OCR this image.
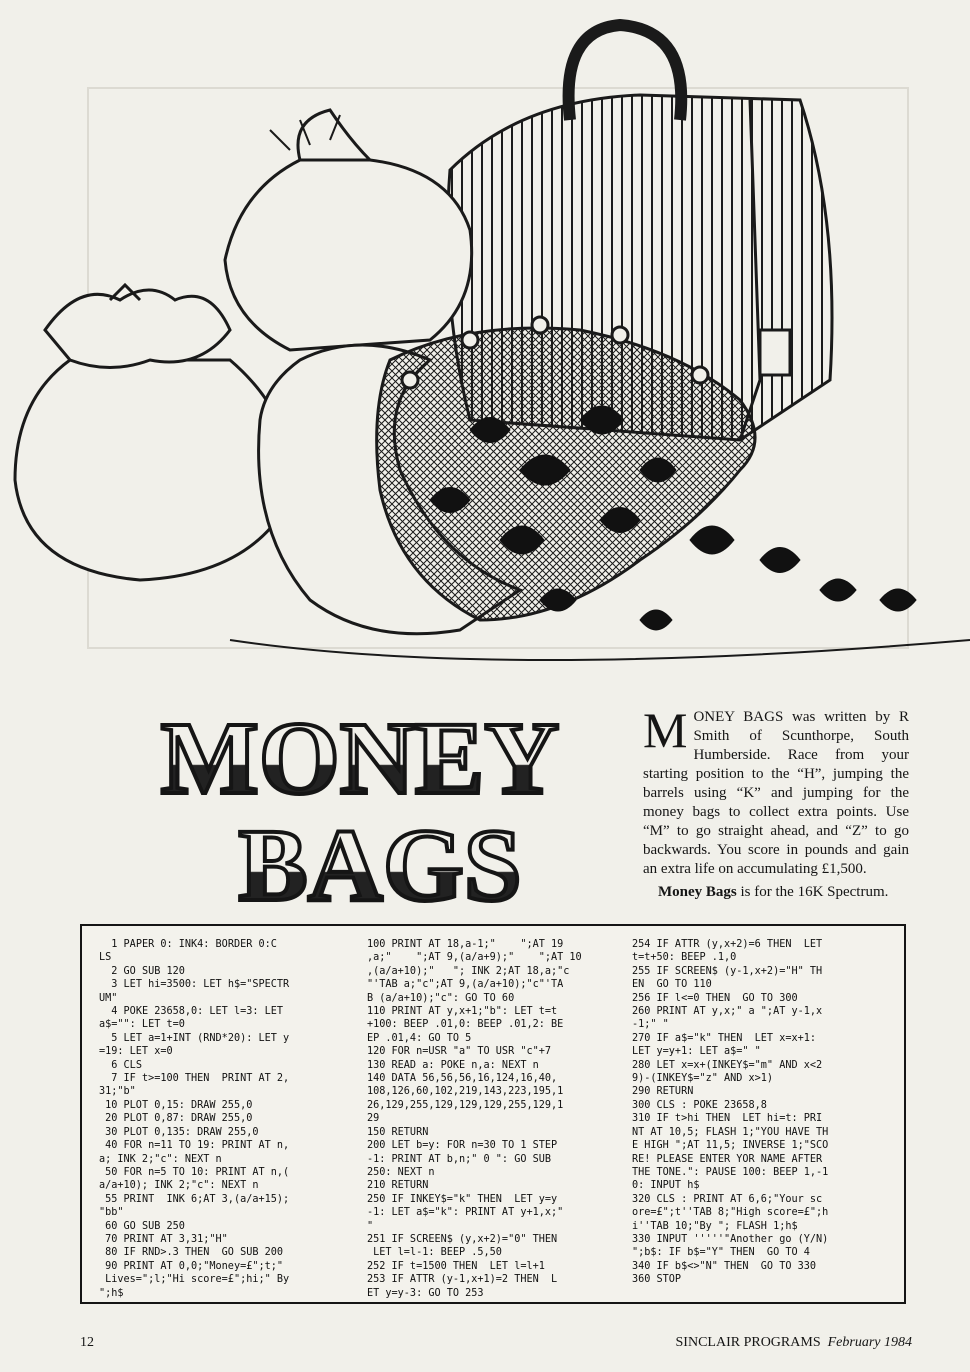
MONEY
BAGS

MONEY BAGS was written by R Smith of Scunthorpe, South Humberside. Race from your starting position to the “H”, jumping the barrels using “K” and jumping for the money bags to collect extra points. Use “M” to go straight ahead, and “Z” to go backwards. You score in pounds and gain an extra life on accumulating £1,500.

Money Bags is for the 16K Spectrum.

1 PAPER 0: INK4: BORDER 0:C
LS
2 GO SUB 120
3 LET hi=3500: LET h$="SPECTR
UM"
4 POKE 23658,0: LET l=3: LET
a$="": LET t=0
5 LET a=1+INT (RND*20): LET y
=19: LET x=0
6 CLS
7 IF t>=100 THEN  PRINT AT 2,
31;"b"
10 PLOT 0,15: DRAW 255,0
20 PLOT 0,87: DRAW 255,0
30 PLOT 0,135: DRAW 255,0
40 FOR n=11 TO 19: PRINT AT n,
a; INK 2;"c": NEXT n
50 FOR n=5 TO 10: PRINT AT n,(
a/a+10); INK 2;"c": NEXT n
55 PRINT  INK 6;AT 3,(a/a+15);
"bb"
60 GO SUB 250
70 PRINT AT 3,31;"H"
80 IF RND>.3 THEN  GO SUB 200
90 PRINT AT 0,0;"Money=£";t;"
Lives=";l;"Hi score=£";hi;" By
";h$
100 PRINT AT 18,a-1;"    ";AT 19
,a;"    ";AT 9,(a/a+9);"    ";AT 10
,(a/a+10);"   "; INK 2;AT 18,a;"c
"'TAB a;"c";AT 9,(a/a+10);"c"'TA
B (a/a+10);"c": GO TO 60
110 PRINT AT y,x+1;"b": LET t=t
+100: BEEP .01,0: BEEP .01,2: BE
EP .01,4: GO TO 5
120 FOR n=USR "a" TO USR "c"+7
130 READ a: POKE n,a: NEXT n
140 DATA 56,56,56,16,124,16,40,
108,126,60,102,219,143,223,195,1
26,129,255,129,129,129,255,129,1
29
150 RETURN
200 LET b=y: FOR n=30 TO 1 STEP
-1: PRINT AT b,n;" 0 ": GO SUB
250: NEXT n
210 RETURN
250 IF INKEY$="k" THEN  LET y=y
-1: LET a$="k": PRINT AT y+1,x;"
"
251 IF SCREEN$ (y,x+2)="0" THEN
LET l=l-1: BEEP .5,50
252 IF t=1500 THEN  LET l=l+1
253 IF ATTR (y-1,x+1)=2 THEN  L
ET y=y-3: GO TO 253
254 IF ATTR (y,x+2)=6 THEN  LET
t=t+50: BEEP .1,0
255 IF SCREEN$ (y-1,x+2)="H" TH
EN  GO TO 110
256 IF l<=0 THEN  GO TO 300
260 PRINT AT y,x;" a ";AT y-1,x
-1;" "
270 IF a$="k" THEN  LET x=x+1:
LET y=y+1: LET a$=" "
280 LET x=x+(INKEY$="m" AND x<2
9)-(INKEY$="z" AND x>1)
290 RETURN
300 CLS : POKE 23658,8
310 IF t>hi THEN  LET hi=t: PRI
NT AT 10,5; FLASH 1;"YOU HAVE TH
E HIGH ";AT 11,5; INVERSE 1;"SCO
RE! PLEASE ENTER YOR NAME AFTER
THE TONE.": PAUSE 100: BEEP 1,-1
0: INPUT h$
320 CLS : PRINT AT 6,6;"Your sc
ore=£";t''TAB 8;"High score=£";h
i''TAB 10;"By "; FLASH 1;h$
330 INPUT '''''"Another go (Y/N)
";b$: IF b$="Y" THEN  GO TO 4
340 IF b$<>"N" THEN  GO TO 330
360 STOP
12	SINCLAIR PROGRAMS February 1984
